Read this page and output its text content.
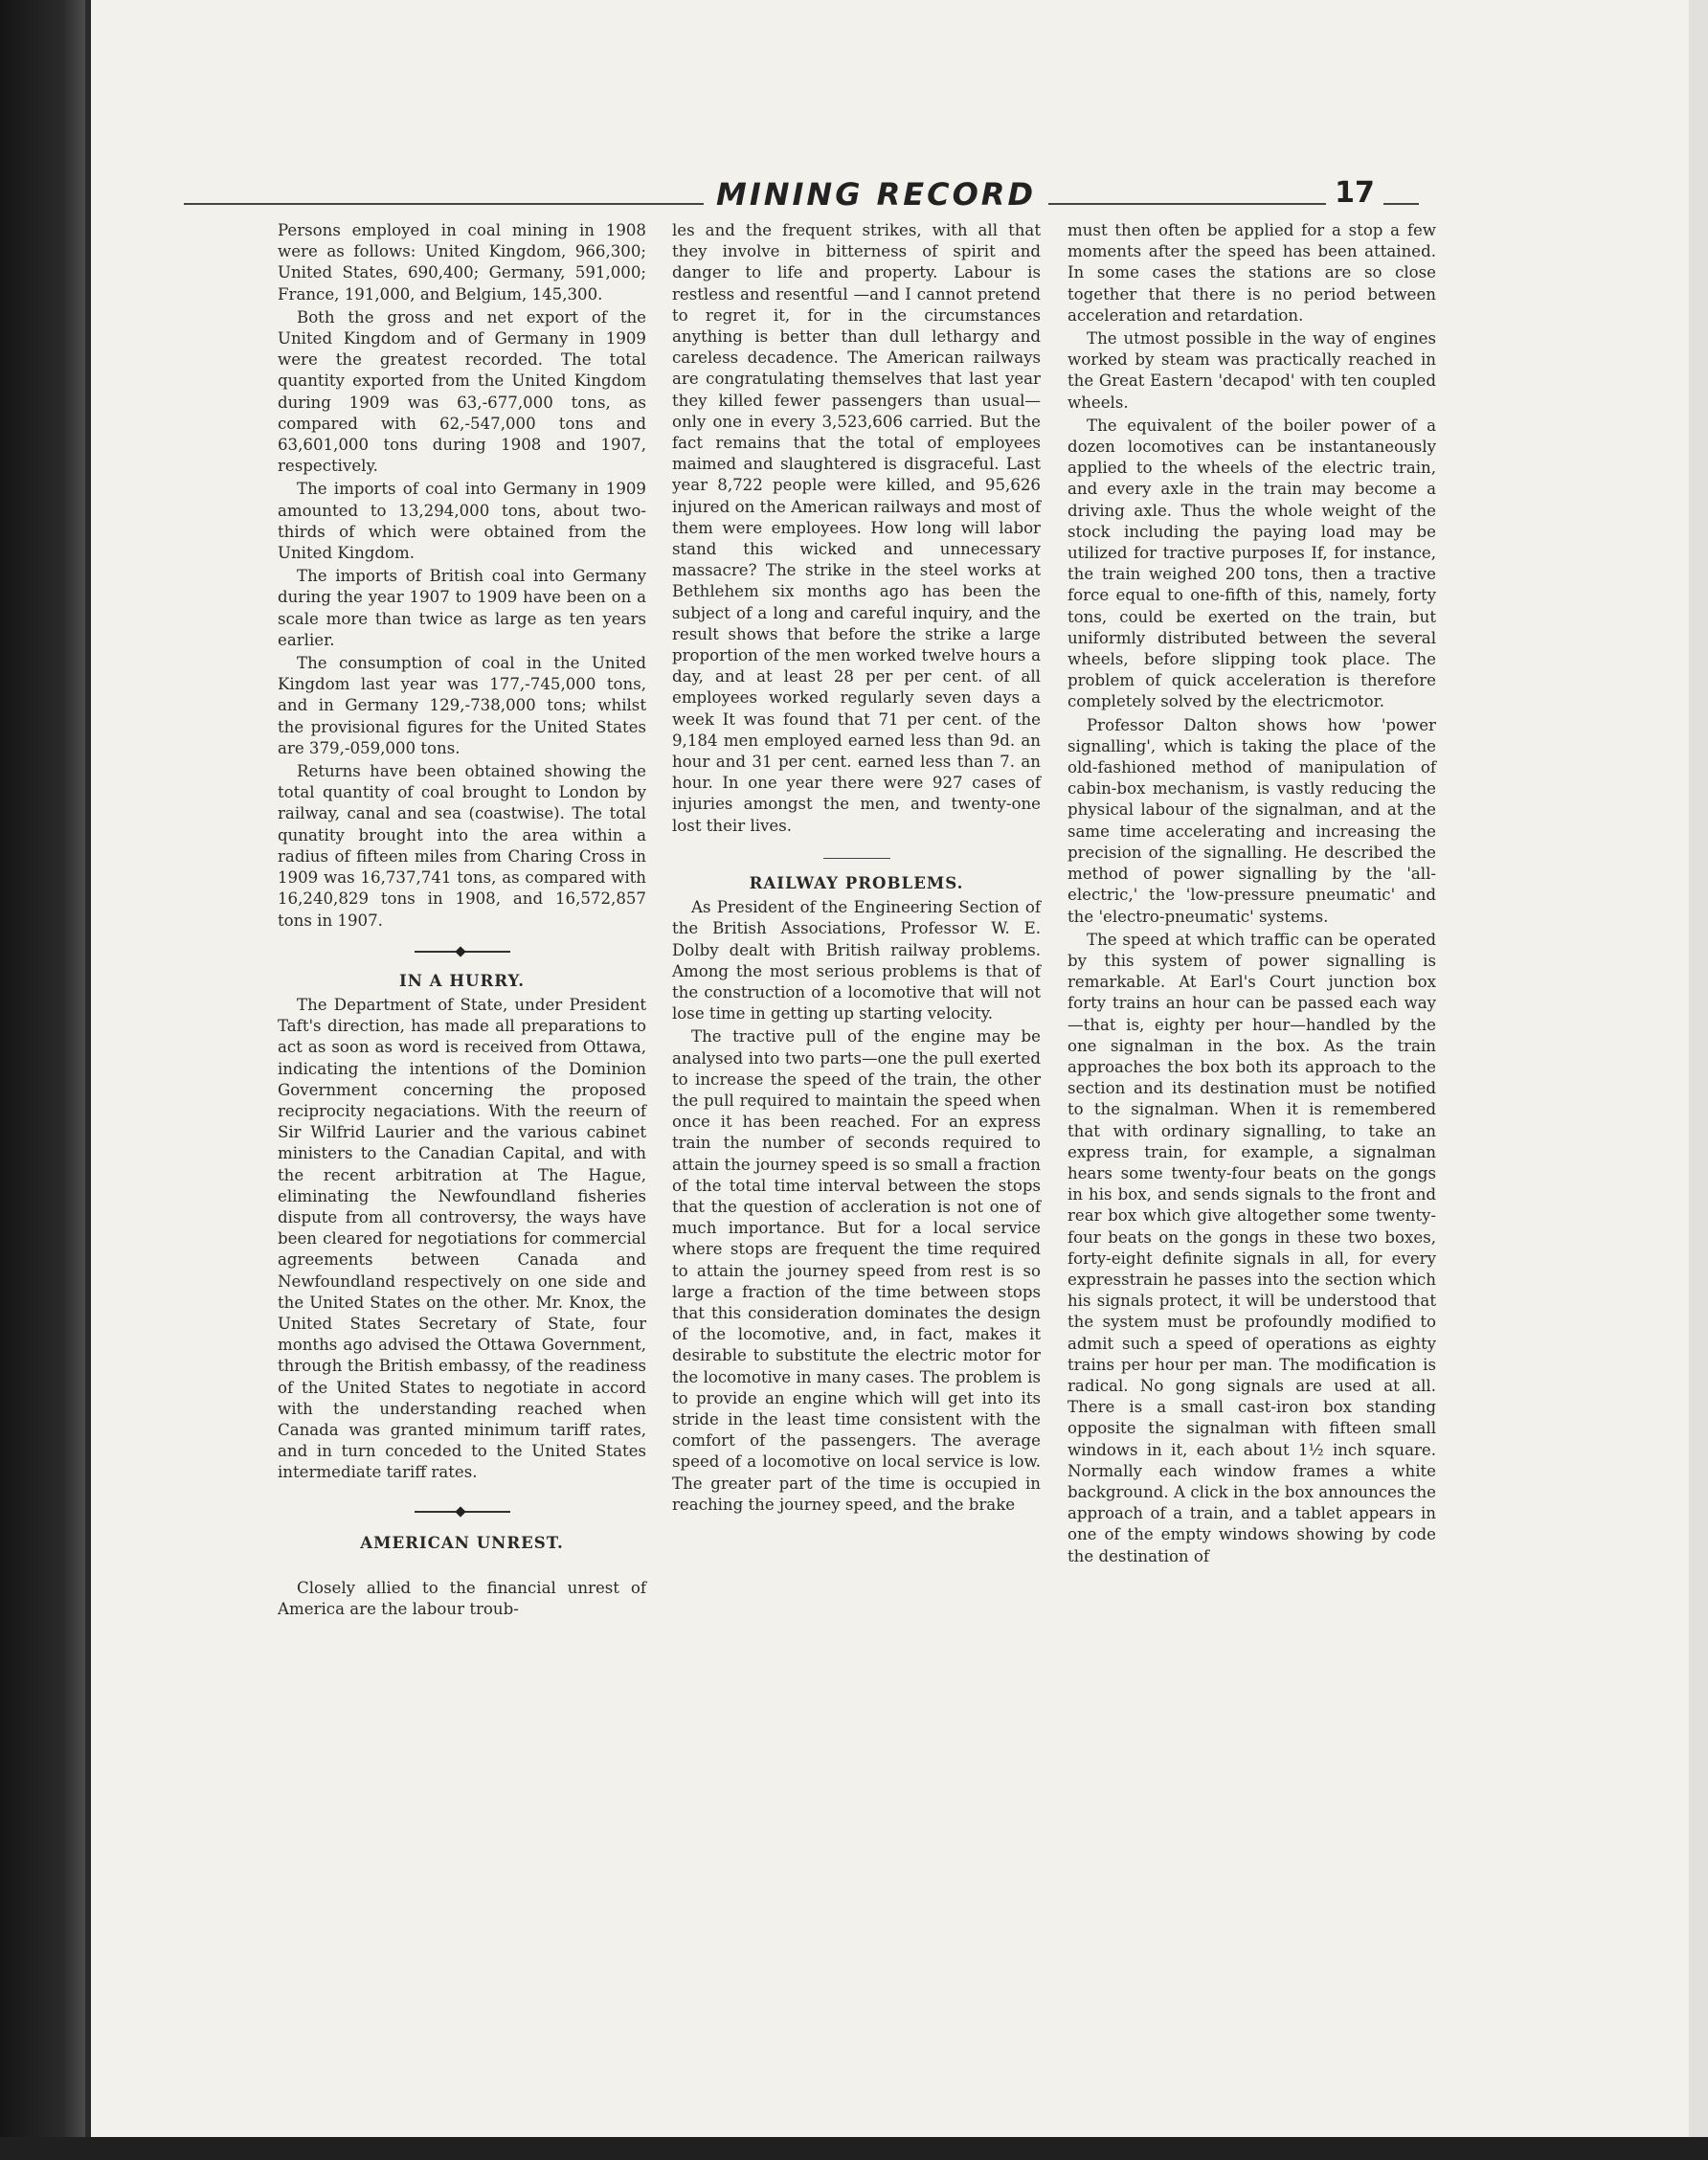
MINING RECORD	17

Persons employed in coal mining in 1908 were as follows: United Kingdom, 966,300; United States, 690,400; Germany, 591,000; France, 191,000, and Belgium, 145,300.

Both the gross and net export of the United Kingdom and of Germany in 1909 were the greatest recorded. The total quantity exported from the United Kingdom during 1909 was 63,-677,000 tons, as compared with 62,-547,000 tons and 63,601,000 tons during 1908 and 1907, respectively.

The imports of coal into Germany in 1909 amounted to 13,294,000 tons, about two-thirds of which were obtained from the United Kingdom.

The imports of British coal into Germany during the year 1907 to 1909 have been on a scale more than twice as large as ten years earlier.

The consumption of coal in the United Kingdom last year was 177,-745,000 tons, and in Germany 129,-738,000 tons; whilst the provisional figures for the United States are 379,-059,000 tons.

Returns have been obtained showing the total quantity of coal brought to London by railway, canal and sea (coastwise). The total qunatity brought into the area within a radius of fifteen miles from Charing Cross in 1909 was 16,737,741 tons, as compared with 16,240,829 tons in 1908, and 16,572,857 tons in 1907.

IN A HURRY.

The Department of State, under President Taft's direction, has made all preparations to act as soon as word is received from Ottawa, indicating the intentions of the Dominion Government concerning the proposed reciprocity negaciations. With the reeurn of Sir Wilfrid Laurier and the various cabinet ministers to the Canadian Capital, and with the recent arbitration at The Hague, eliminating the Newfoundland fisheries dispute from all controversy, the ways have been cleared for negotiations for commercial agreements between Canada and Newfoundland respectively on one side and the United States on the other. Mr. Knox, the United States Secretary of State, four months ago advised the Ottawa Government, through the British embassy, of the readiness of the United States to negotiate in accord with the understanding reached when Canada was granted minimum tariff rates, and in turn conceded to the United States intermediate tariff rates.

AMERICAN UNREST.

Closely allied to the financial unrest of America are the labour troub-

les and the frequent strikes, with all that they involve in bitterness of spirit and danger to life and property. Labour is restless and resentful —and I cannot pretend to regret it, for in the circumstances anything is better than dull lethargy and careless decadence. The American railways are congratulating themselves that last year they killed fewer passengers than usual—only one in every 3,523,606 carried. But the fact remains that the total of employees maimed and slaughtered is disgraceful. Last year 8,722 people were killed, and 95,626 injured on the American railways and most of them were employees. How long will labor stand this wicked and unnecessary massacre? The strike in the steel works at Bethlehem six months ago has been the subject of a long and careful inquiry, and the result shows that before the strike a large proportion of the men worked twelve hours a day, and at least 28 per per cent. of all employees worked regularly seven days a week It was found that 71 per cent. of the 9,184 men employed earned less than 9d. an hour and 31 per cent. earned less than 7. an hour. In one year there were 927 cases of injuries amongst the men, and twenty-one lost their lives.

RAILWAY PROBLEMS.

As President of the Engineering Section of the British Associations, Professor W. E. Dolby dealt with British railway problems. Among the most serious problems is that of the construction of a locomotive that will not lose time in getting up starting velocity.

The tractive pull of the engine may be analysed into two parts—one the pull exerted to increase the speed of the train, the other the pull required to maintain the speed when once it has been reached. For an express train the number of seconds required to attain the journey speed is so small a fraction of the total time interval between the stops that the question of accleration is not one of much importance. But for a local service where stops are frequent the time required to attain the journey speed from rest is so large a fraction of the time between stops that this consideration dominates the design of the locomotive, and, in fact, makes it desirable to substitute the electric motor for the locomotive in many cases. The problem is to provide an engine which will get into its stride in the least time consistent with the comfort of the passengers. The average speed of a locomotive on local service is low. The greater part of the time is occupied in reaching the journey speed, and the brake

must then often be applied for a stop a few moments after the speed has been attained. In some cases the stations are so close together that there is no period between acceleration and retardation.

The utmost possible in the way of engines worked by steam was practically reached in the Great Eastern 'decapod' with ten coupled wheels.

The equivalent of the boiler power of a dozen locomotives can be instantaneously applied to the wheels of the electric train, and every axle in the train may become a driving axle. Thus the whole weight of the stock including the paying load may be utilized for tractive purposes If, for instance, the train weighed 200 tons, then a tractive force equal to one-fifth of this, namely, forty tons, could be exerted on the train, but uniformly distributed between the several wheels, before slipping took place. The problem of quick acceleration is therefore completely solved by the electricmotor.

Professor Dalton shows how 'power signalling', which is taking the place of the old-fashioned method of manipulation of cabin-box mechanism, is vastly reducing the physical labour of the signalman, and at the same time accelerating and increasing the precision of the signalling. He described the method of power signalling by the 'all-electric,' the 'low-pressure pneumatic' and the 'electro-pneumatic' systems.

The speed at which traffic can be operated by this system of power signalling is remarkable. At Earl's Court junction box forty trains an hour can be passed each way—that is, eighty per hour—handled by the one signalman in the box. As the train approaches the box both its approach to the section and its destination must be notified to the signalman. When it is remembered that with ordinary signalling, to take an express train, for example, a signalman hears some twenty-four beats on the gongs in his box, and sends signals to the front and rear box which give altogether some twenty-four beats on the gongs in these two boxes, forty-eight definite signals in all, for every expresstrain he passes into the section which his signals protect, it will be understood that the system must be profoundly modified to admit such a speed of operations as eighty trains per hour per man. The modification is radical. No gong signals are used at all. There is a small cast-iron box standing opposite the signalman with fifteen small windows in it, each about 1½ inch square. Normally each window frames a white background. A click in the box announces the approach of a train, and a tablet appears in one of the empty windows showing by code the destination of
